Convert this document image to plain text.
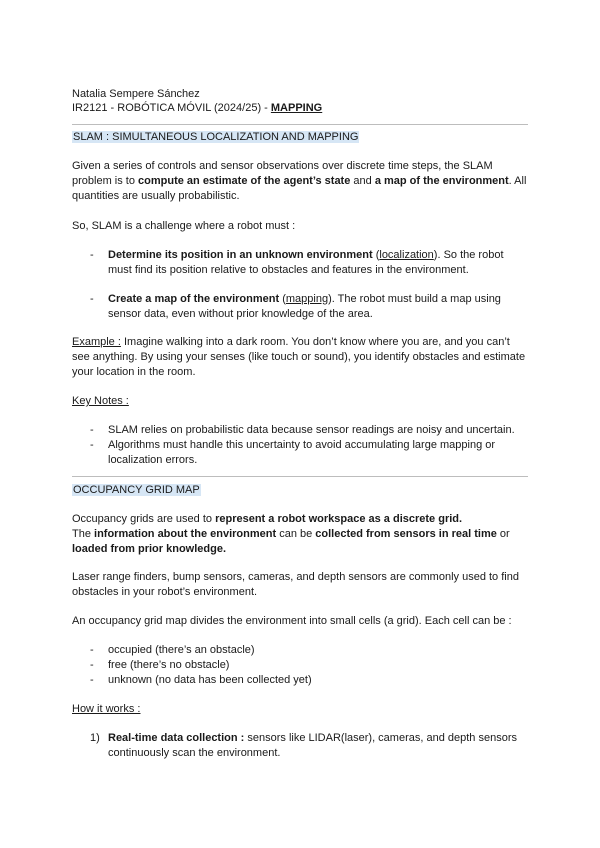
Natalia Sempere Sánchez
IR2121 - ROBÓTICA MÓVIL (2024/25) - MAPPING
SLAM : SIMULTANEOUS LOCALIZATION AND MAPPING
Given a series of controls and sensor observations over discrete time steps, the SLAM problem is to compute an estimate of the agent’s state and a map of the environment. All quantities are usually probabilistic.
So, SLAM is a challenge where a robot must :
- Determine its position in an unknown environment (localization). So the robot must find its position relative to obstacles and features in the environment.
- Create a map of the environment (mapping). The robot must build a map using sensor data, even without prior knowledge of the area.
Example : Imagine walking into a dark room. You don’t know where you are, and you can’t see anything. By using your senses (like touch or sound), you identify obstacles and estimate your location in the room.
Key Notes :
- SLAM relies on probabilistic data because sensor readings are noisy and uncertain.
- Algorithms must handle this uncertainty to avoid accumulating large mapping or localization errors.
OCCUPANCY GRID MAP
Occupancy grids are used to represent a robot workspace as a discrete grid.
The information about the environment can be collected from sensors in real time or loaded from prior knowledge.
Laser range finders, bump sensors, cameras, and depth sensors are commonly used to find obstacles in your robot’s environment.
An occupancy grid map divides the environment into small cells (a grid). Each cell can be :
- occupied (there’s an obstacle)
- free (there’s no obstacle)
- unknown (no data has been collected yet)
How it works :
1) Real-time data collection : sensors like LIDAR(laser), cameras, and depth sensors continuously scan the environment.
